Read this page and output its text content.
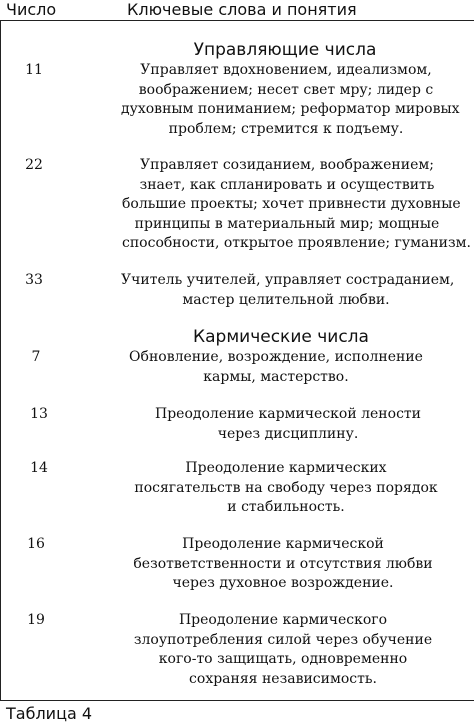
Число	Ключевые слова и понятия
Управляющие числа
11	Управляет вдохновением, идеализмом,
воображением; несет свет мру; лидер с
духовным пониманием; реформатор мировых
проблем; стремится к подъему.
22	Управляет созиданием, воображением;
знает, как спланировать и осуществить
большие проекты; хочет привнести духовные
принципы в материальный мир; мощные
способности, открытое проявление; гуманизм.
33	Учитель учителей, управляет состраданием,
мастер целительной любви.
Кармические числа
7	Обновление, возрождение, исполнение
кармы, мастерство.
13	Преодоление кармической лености
через дисциплину.
14	Преодоление кармических
посягательств на свободу через порядок
и стабильность.
16	Преодоление кармической
безответственности и отсутствия любви
через духовное возрождение.
19	Преодоление кармического
злоупотребления силой через обучение
кого-то защищать, одновременно
сохраняя независимость.
Таблица 4
